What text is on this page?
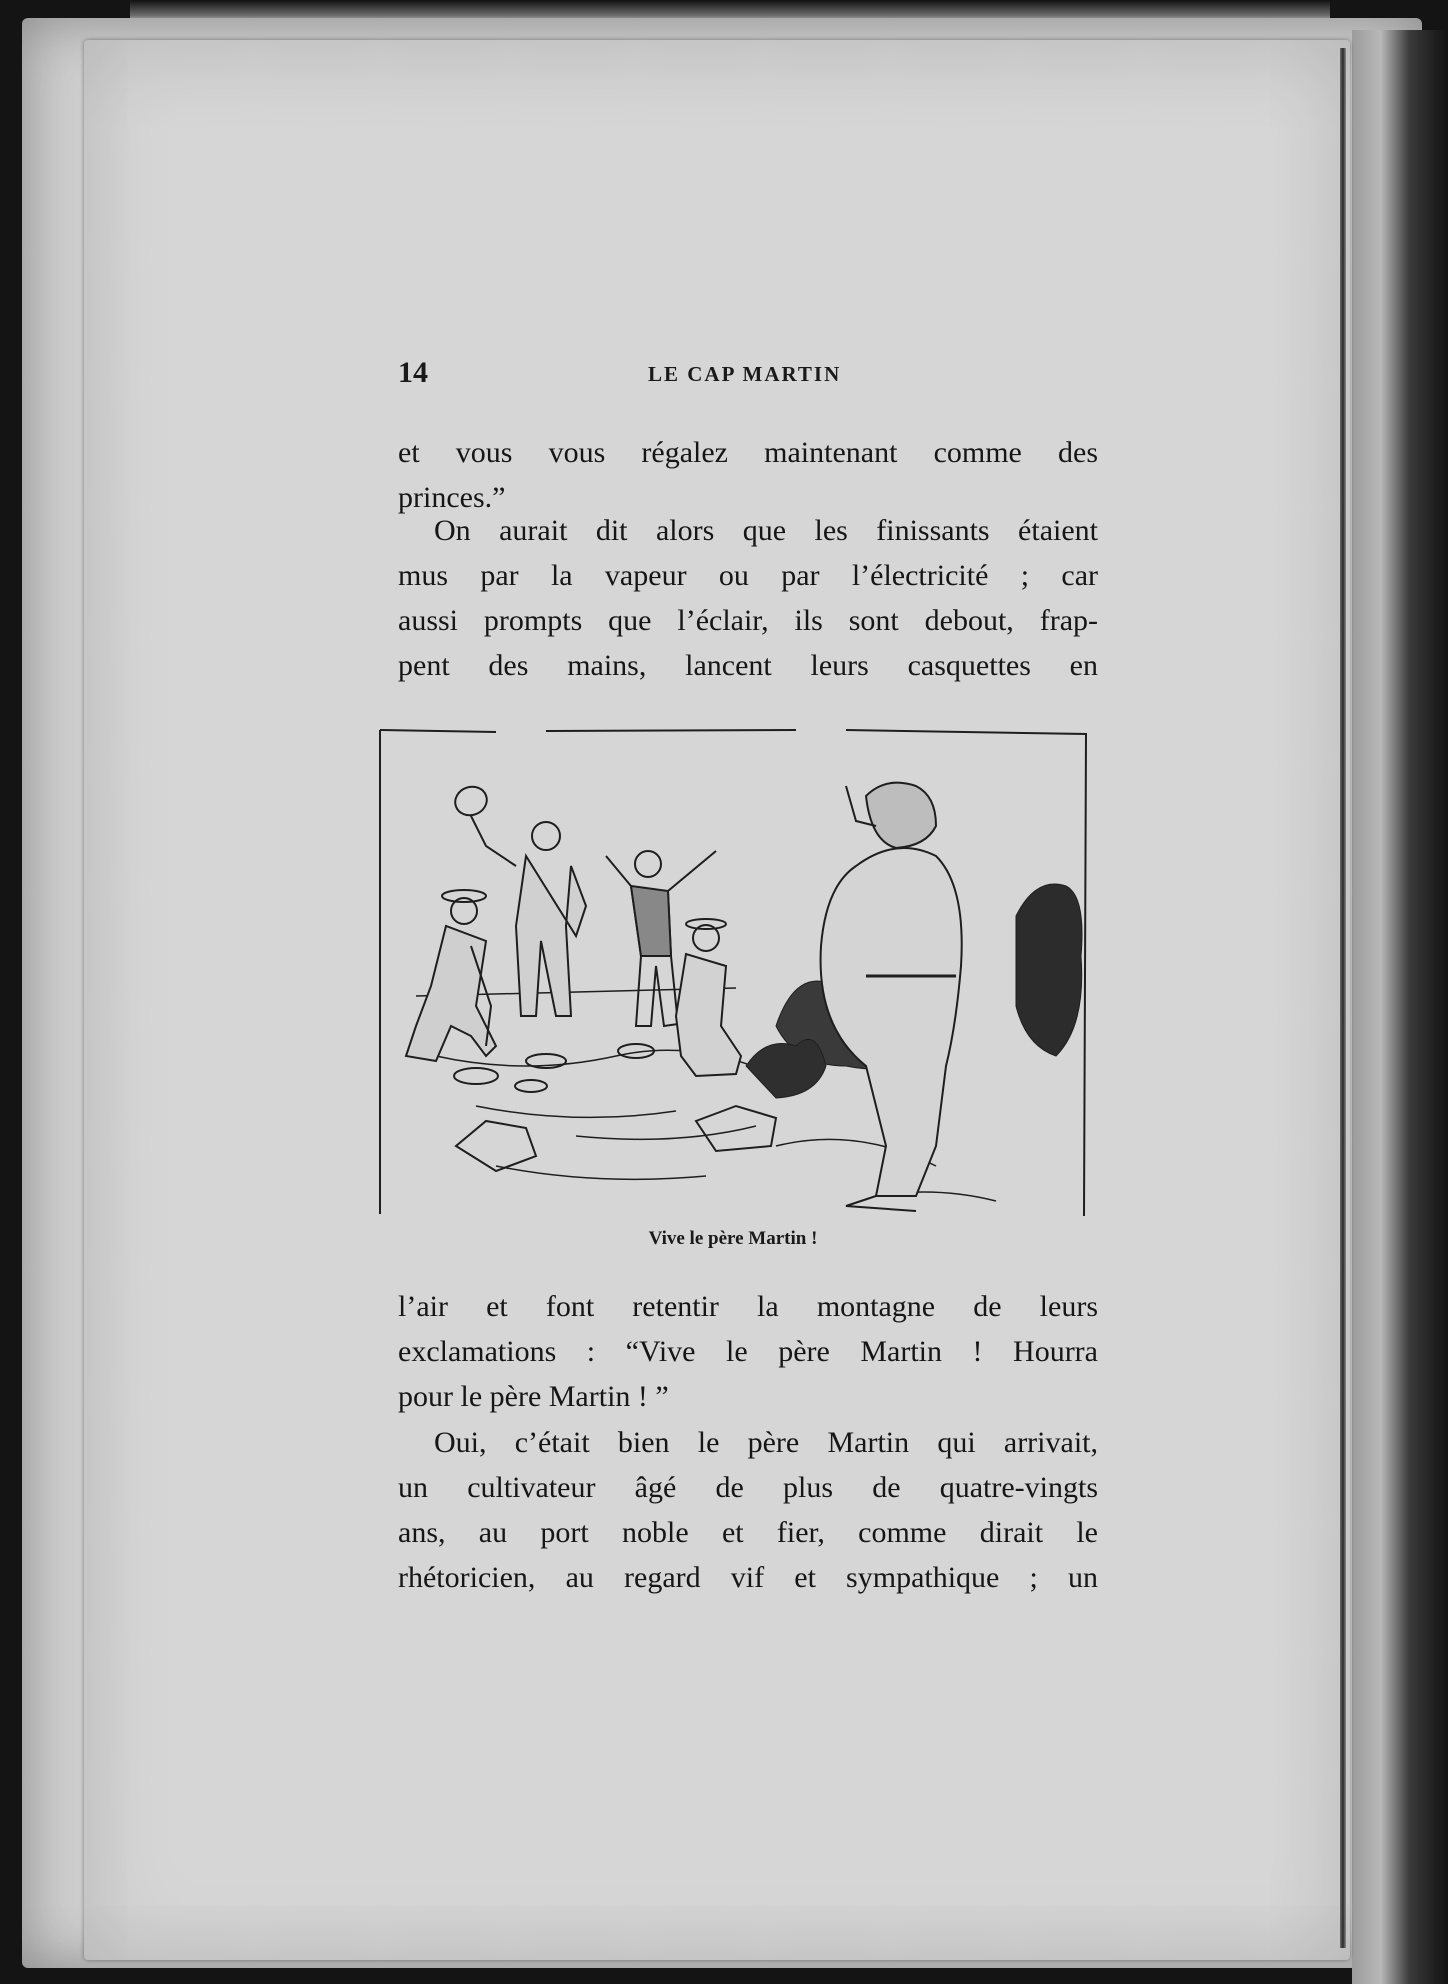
14	LE CAP MARTIN
et vous vous régalez maintenant comme des
princes.”
On aurait dit alors que les finissants étaient
mus par la vapeur ou par l’électricité ; car
aussi prompts que l’éclair, ils sont debout, frap-
pent des mains, lancent leurs casquettes en
Vive le père Martin !
l’air et font retentir la montagne de leurs
exclamations : “Vive le père Martin ! Hourra
pour le père Martin ! ”
Oui, c’était bien le père Martin qui arrivait,
un cultivateur âgé de plus de quatre-vingts
ans, au port noble et fier, comme dirait le
rhétoricien, au regard vif et sympathique ; un
